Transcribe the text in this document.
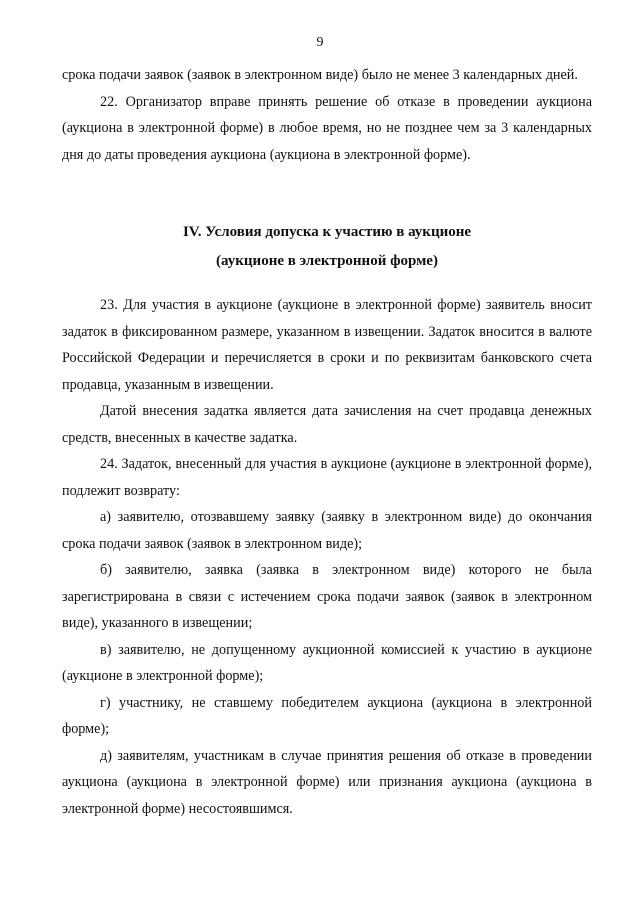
9

срока подачи заявок (заявок в электронном виде) было не менее 3 календарных дней.

22. Организатор вправе принять решение об отказе в проведении аукциона (аукциона в электронной форме) в любое время, но не позднее чем за 3 календарных дня до даты проведения аукциона (аукциона в электронной форме).

IV. Условия допуска к участию в аукционе
(аукционе в электронной форме)

23. Для участия в аукционе (аукционе в электронной форме) заявитель вносит задаток в фиксированном размере, указанном в извещении. Задаток вносится в валюте Российской Федерации и перечисляется в сроки и по реквизитам банковского счета продавца, указанным в извещении.

Датой внесения задатка является дата зачисления на счет продавца денежных средств, внесенных в качестве задатка.

24. Задаток, внесенный для участия в аукционе (аукционе в электронной форме), подлежит возврату:

а) заявителю, отозвавшему заявку (заявку в электронном виде) до окончания срока подачи заявок (заявок в электронном виде);

б) заявителю, заявка (заявка в электронном виде) которого не была зарегистрирована в связи с истечением срока подачи заявок (заявок в электронном виде), указанного в извещении;

в) заявителю, не допущенному аукционной комиссией к участию в аукционе (аукционе в электронной форме);

г) участнику, не ставшему победителем аукциона (аукциона в электронной форме);

д) заявителям, участникам в случае принятия решения об отказе в проведении аукциона (аукциона в электронной форме) или признания аукциона (аукциона в электронной форме) несостоявшимся.
